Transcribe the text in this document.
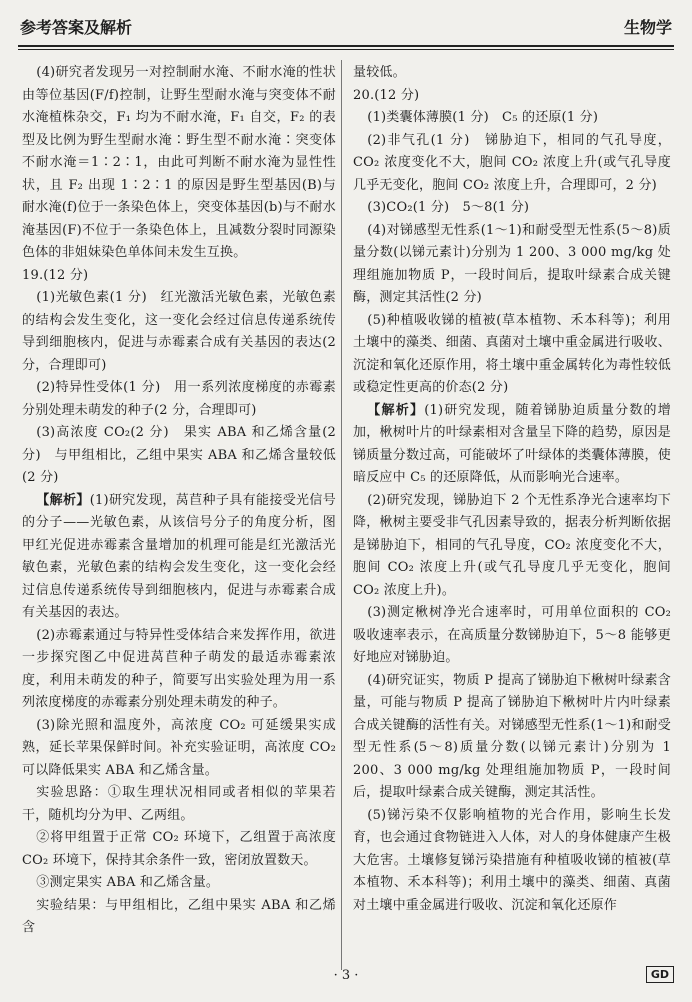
参考答案及解析	生物学

(4)研究者发现另一对控制耐水淹、不耐水淹的性状由等位基因(F/f)控制，让野生型耐水淹与突变体不耐水淹植株杂交，F₁ 均为不耐水淹，F₁ 自交，F₂ 的表型及比例为野生型耐水淹∶野生型不耐水淹∶突变体不耐水淹＝1∶2∶1，由此可判断不耐水淹为显性性状，且 F₂ 出现 1∶2∶1 的原因是野生型基因(B)与耐水淹(f)位于一条染色体上，突变体基因(b)与不耐水淹基因(F)不位于一条染色体上，且减数分裂时同源染色体的非姐妹染色单体间未发生互换。

19.(12 分)

(1)光敏色素(1 分)　红光激活光敏色素，光敏色素的结构会发生变化，这一变化会经过信息传递系统传导到细胞核内，促进与赤霉素合成有关基因的表达(2 分，合理即可)

(2)特异性受体(1 分)　用一系列浓度梯度的赤霉素分别处理未萌发的种子(2 分，合理即可)

(3)高浓度 CO₂(2 分)　果实 ABA 和乙烯含量(2 分)　与甲组相比，乙组中果实 ABA 和乙烯含量较低(2 分)

【解析】(1)研究发现，莴苣种子具有能接受光信号的分子——光敏色素，从该信号分子的角度分析，图甲红光促进赤霉素含量增加的机理可能是红光激活光敏色素，光敏色素的结构会发生变化，这一变化会经过信息传递系统传导到细胞核内，促进与赤霉素合成有关基因的表达。

(2)赤霉素通过与特异性受体结合来发挥作用，欲进一步探究图乙中促进莴苣种子萌发的最适赤霉素浓度，利用未萌发的种子，简要写出实验处理为用一系列浓度梯度的赤霉素分别处理未萌发的种子。

(3)除光照和温度外，高浓度 CO₂ 可延缓果实成熟，延长苹果保鲜时间。补充实验证明，高浓度 CO₂ 可以降低果实 ABA 和乙烯含量。

实验思路：①取生理状况相同或者相似的苹果若干，随机均分为甲、乙两组。

②将甲组置于正常 CO₂ 环境下，乙组置于高浓度 CO₂ 环境下，保持其余条件一致，密闭放置数天。

③测定果实 ABA 和乙烯含量。

实验结果：与甲组相比，乙组中果实 ABA 和乙烯含

量较低。

20.(12 分)

(1)类囊体薄膜(1 分)　C₅ 的还原(1 分)

(2)非气孔(1 分)　锑胁迫下，相同的气孔导度，CO₂ 浓度变化不大，胞间 CO₂ 浓度上升(或气孔导度几乎无变化，胞间 CO₂ 浓度上升，合理即可，2 分)

(3)CO₂(1 分)　5～8(1 分)

(4)对锑感型无性系(1～1)和耐受型无性系(5～8)质量分数(以锑元素计)分别为 1 200、3 000 mg/kg 处理组施加物质 P，一段时间后，提取叶绿素合成关键酶，测定其活性(2 分)

(5)种植吸收锑的植被(草本植物、禾本科等)；利用土壤中的藻类、细菌、真菌对土壤中重金属进行吸收、沉淀和氧化还原作用，将土壤中重金属转化为毒性较低或稳定性更高的价态(2 分)

【解析】(1)研究发现，随着锑胁迫质量分数的增加，楸树叶片的叶绿素相对含量呈下降的趋势，原因是锑质量分数过高，可能破坏了叶绿体的类囊体薄膜，使暗反应中 C₅ 的还原降低，从而影响光合速率。

(2)研究发现，锑胁迫下 2 个无性系净光合速率均下降，楸树主要受非气孔因素导致的，据表分析判断依据是锑胁迫下，相同的气孔导度，CO₂ 浓度变化不大，胞间 CO₂ 浓度上升(或气孔导度几乎无变化，胞间 CO₂ 浓度上升)。

(3)测定楸树净光合速率时，可用单位面积的 CO₂ 吸收速率表示，在高质量分数锑胁迫下，5～8 能够更好地应对锑胁迫。

(4)研究证实，物质 P 提高了锑胁迫下楸树叶绿素含量，可能与物质 P 提高了锑胁迫下楸树叶片内叶绿素合成关键酶的活性有关。对锑感型无性系(1～1)和耐受型无性系(5～8)质量分数(以锑元素计)分别为 1 200、3 000 mg/kg 处理组施加物质 P，一段时间后，提取叶绿素合成关键酶，测定其活性。

(5)锑污染不仅影响植物的光合作用，影响生长发育，也会通过食物链进入人体，对人的身体健康产生极大危害。土壤修复锑污染措施有种植吸收锑的植被(草本植物、禾本科等)；利用土壤中的藻类、细菌、真菌对土壤中重金属进行吸收、沉淀和氧化还原作

· 3 ·	GD
